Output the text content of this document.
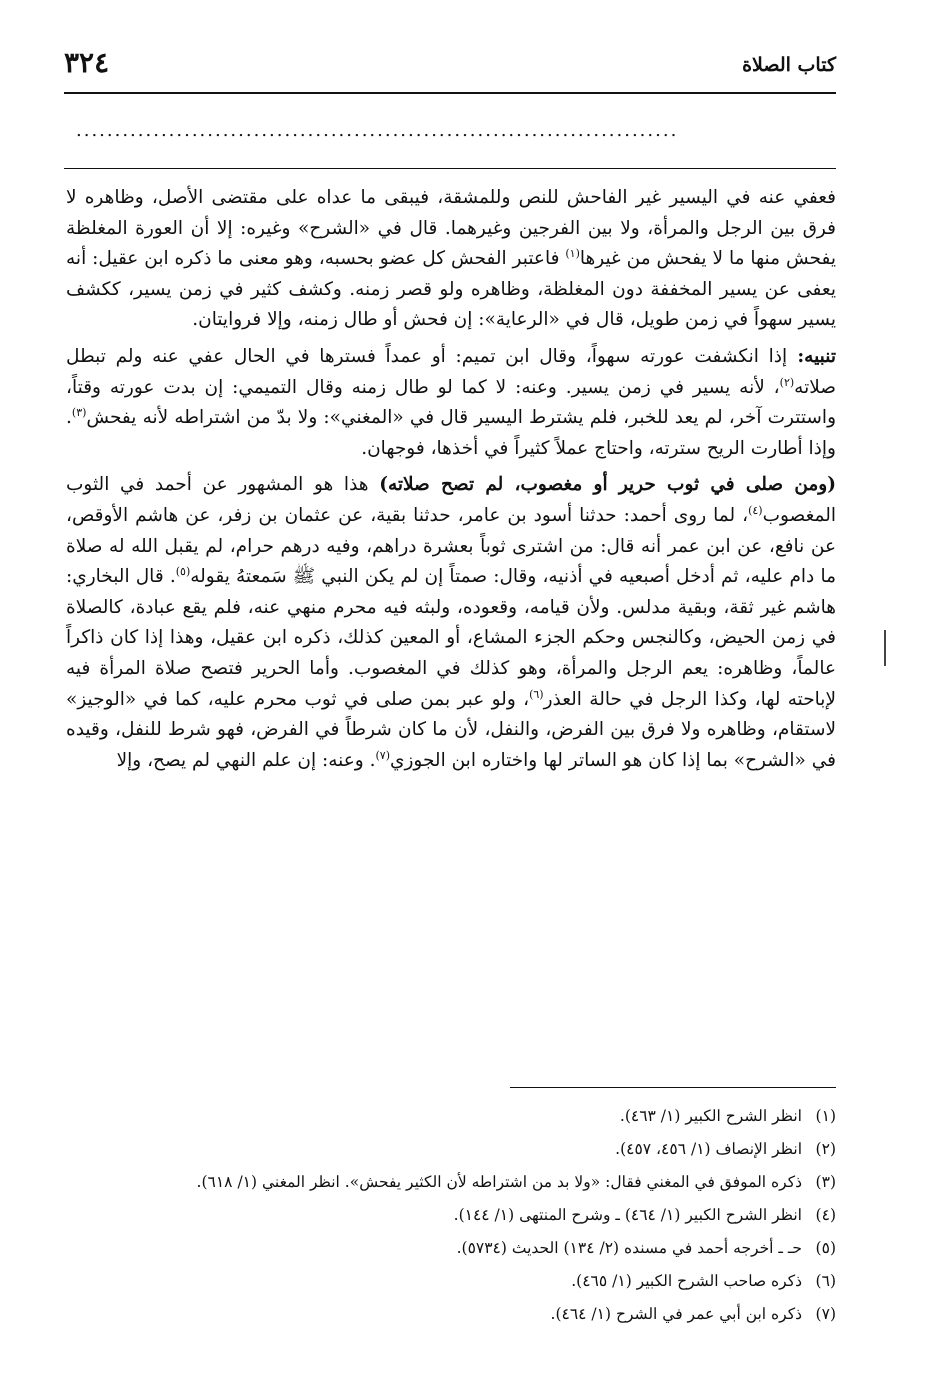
٣٢٤	كتاب الصلاة
..............................................................................

فعفي عنه في اليسير غير الفاحش للنص وللمشقة، فيبقى ما عداه على مقتضى الأصل، وظاهره لا فرق بين الرجل والمرأة، ولا بين الفرجين وغيرهما. قال في «الشرح» وغيره: إلا أن العورة المغلظة يفحش منها ما لا يفحش من غيرها$^{(١)}$ فاعتبر الفحش كل عضو بحسبه، وهو معنى ما ذكره ابن عقيل: أنه يعفى عن يسير المخففة دون المغلظة، وظاهره ولو قصر زمنه. وكشف كثير في زمن يسير، ككشف يسير سهواً في زمن طويل، قال في «الرعاية»: إن فحش أو طال زمنه، وإلا فروايتان.

تنبيه: إذا انكشفت عورته سهواً، وقال ابن تميم: أو عمداً فسترها في الحال عفي عنه ولم تبطل صلاته$^{(٢)}$، لأنه يسير في زمن يسير. وعنه: لا كما لو طال زمنه وقال التميمي: إن بدت عورته وقتاً، واستترت آخر، لم يعد للخبر، فلم يشترط اليسير قال في «المغني»: ولا بدّ من اشتراطه لأنه يفحش$^{(٣)}$. وإذا أطارت الريح سترته، واحتاج عملاً كثيراً في أخذها، فوجهان.

(ومن صلى في ثوب حرير أو مغصوب، لم تصح صلاته) هذا هو المشهور عن أحمد في الثوب المغصوب$^{(٤)}$، لما روى أحمد: حدثنا أسود بن عامر، حدثنا بقية، عن عثمان بن زفر، عن هاشم الأوقص، عن نافع، عن ابن عمر أنه قال: من اشترى ثوباً بعشرة دراهم، وفيه درهم حرام، لم يقبل الله له صلاة ما دام عليه، ثم أدخل أصبعيه في أذنيه، وقال: صمتاً إن لم يكن النبي ﷺ سَمعتهُ يقوله$^{(٥)}$. قال البخاري: هاشم غير ثقة، وبقية مدلس. ولأن قيامه، وقعوده، ولبثه فيه محرم منهي عنه، فلم يقع عبادة، كالصلاة في زمن الحيض، وكالنجس وحكم الجزء المشاع، أو المعين كذلك، ذكره ابن عقيل، وهذا إذا كان ذاكراً عالماً، وظاهره: يعم الرجل والمرأة، وهو كذلك في المغصوب. وأما الحرير فتصح صلاة المرأة فيه لإباحته لها، وكذا الرجل في حالة العذر$^{(٦)}$، ولو عبر بمن صلى في ثوب محرم عليه، كما في «الوجيز» لاستقام، وظاهره ولا فرق بين الفرض، والنفل، لأن ما كان شرطاً في الفرض، فهو شرط للنفل، وقيده في «الشرح» بما إذا كان هو الساتر لها واختاره ابن الجوزي$^{(٧)}$. وعنه: إن علم النهي لم يصح، وإلا

(١)انظر الشرح الكبير (١/ ٤٦٣).
(٢)انظر الإنصاف (١/ ٤٥٦، ٤٥٧).
(٣)ذكره الموفق في المغني فقال: «ولا بد من اشتراطه لأن الكثير يفحش». انظر المغني (١/ ٦١٨).
(٤)انظر الشرح الكبير (١/ ٤٦٤) ـ وشرح المنتهى (١/ ١٤٤).
(٥)حـ ـ أخرجه أحمد في مسنده (٢/ ١٣٤) الحديث (٥٧٣٤).
(٦)ذكره صاحب الشرح الكبير (١/ ٤٦٥).
(٧)ذكره ابن أبي عمر في الشرح (١/ ٤٦٤).
